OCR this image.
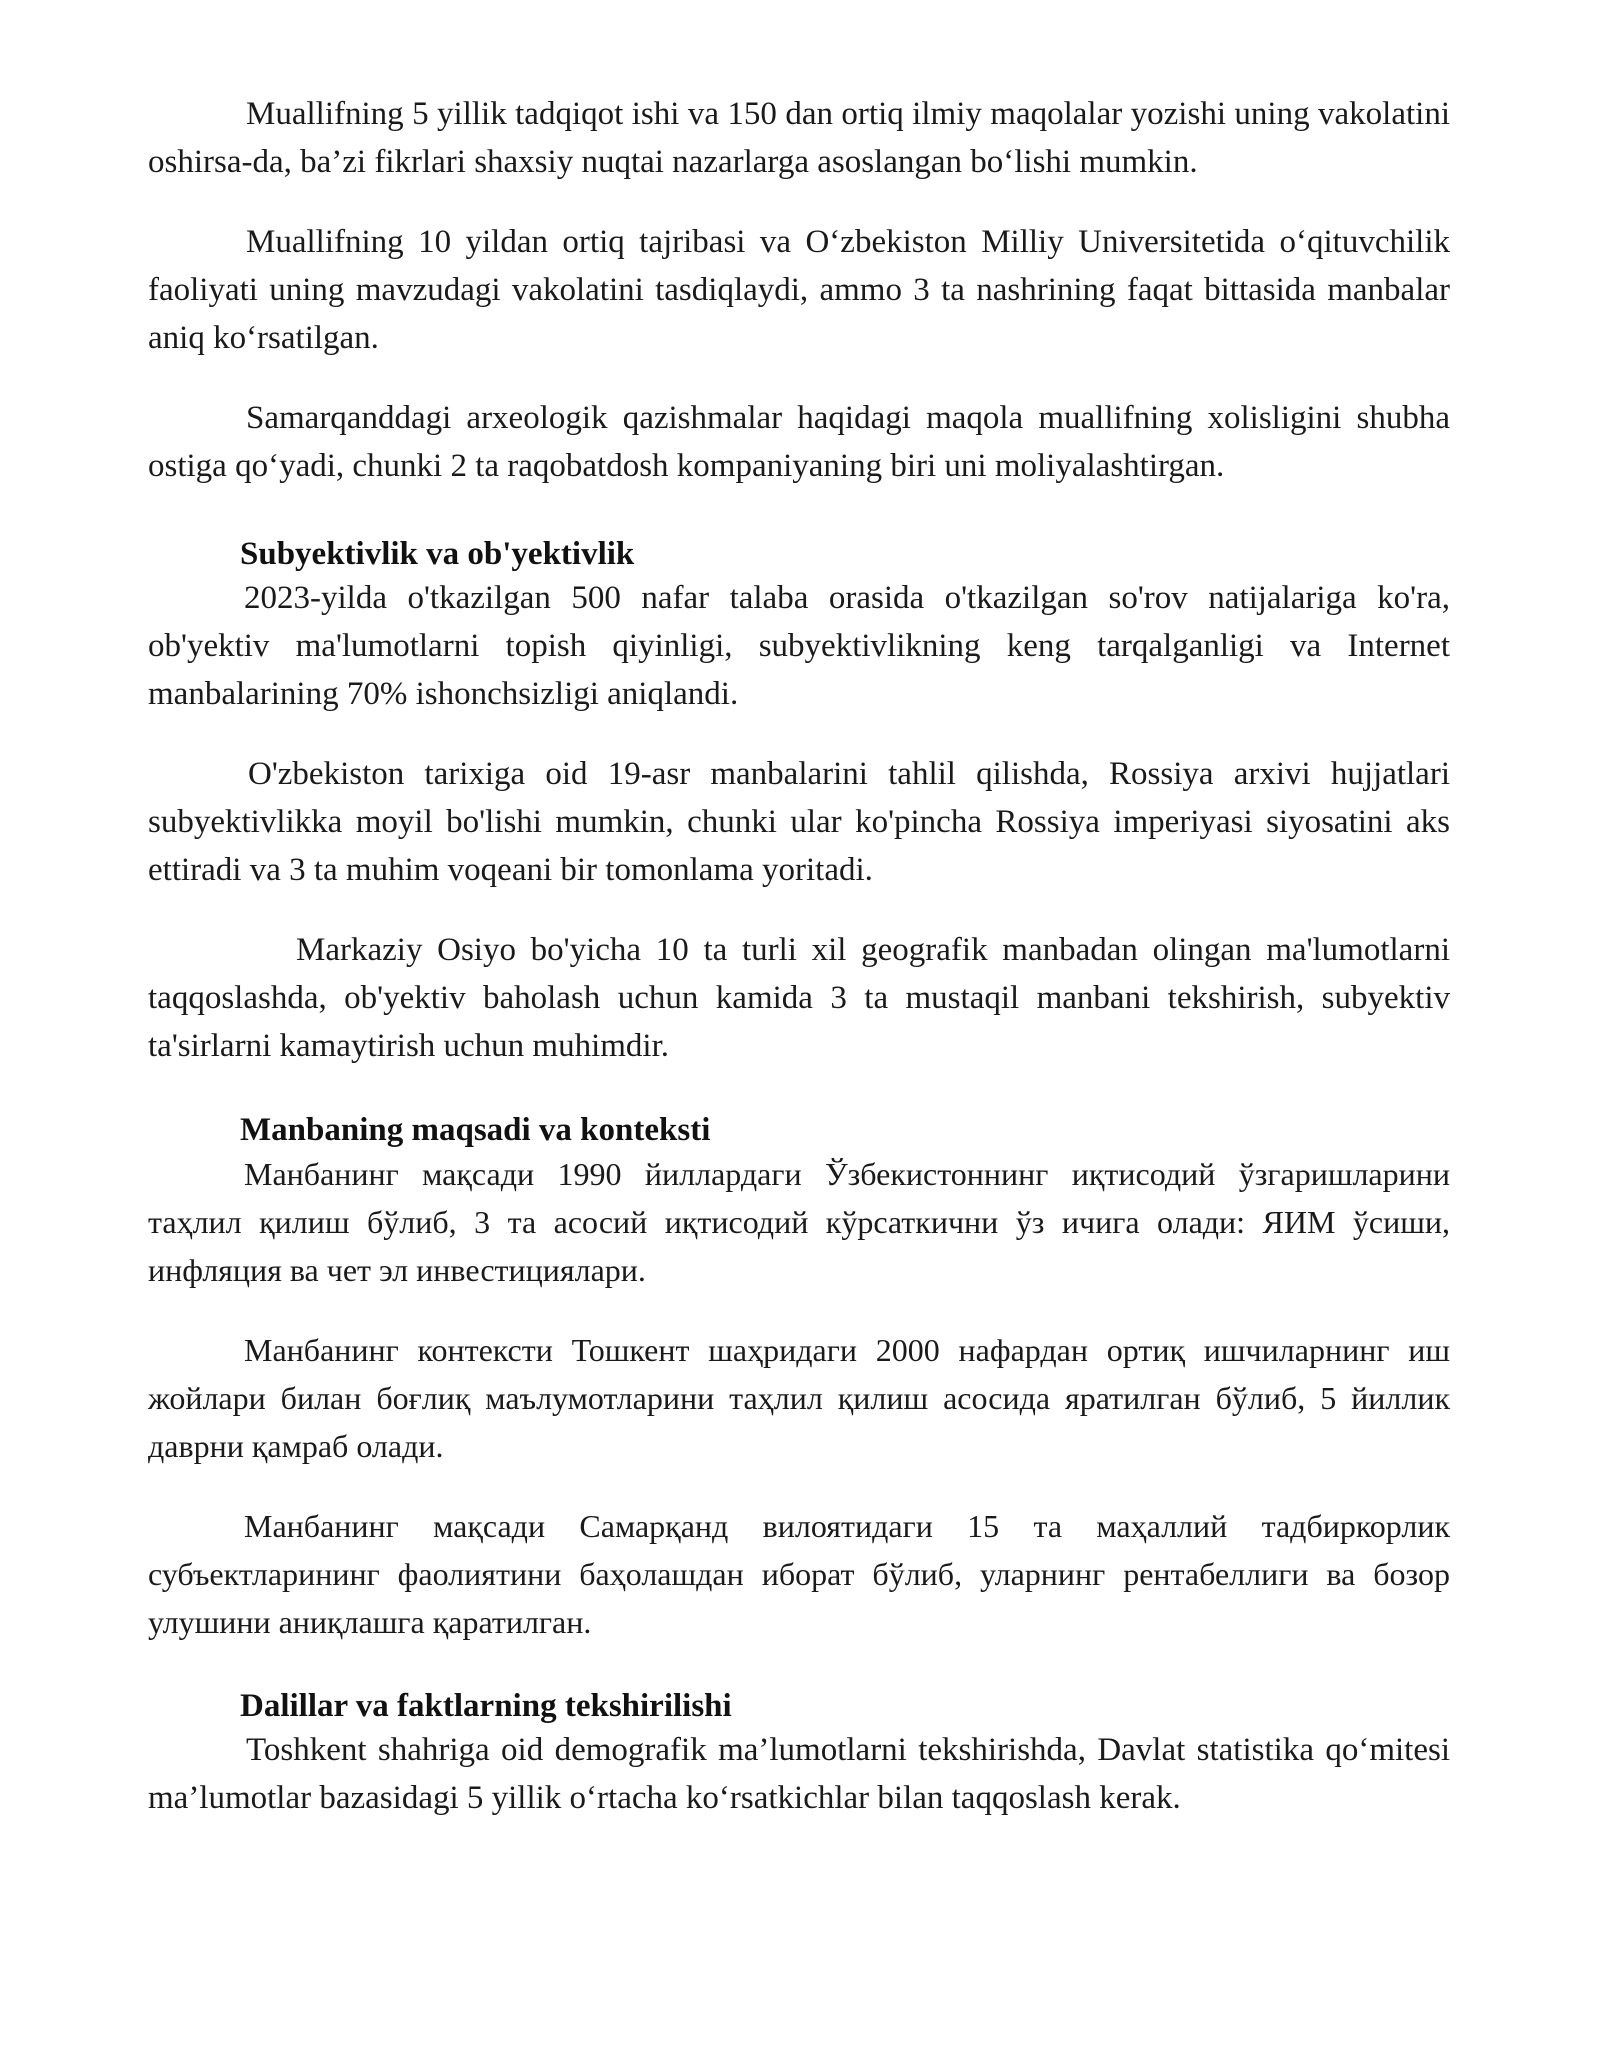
Muallifning 5 yillik tadqiqot ishi va 150 dan ortiq ilmiy maqolalar yozishi uning vakolatini oshirsa-da, ba’zi fikrlari shaxsiy nuqtai nazarlarga asoslangan bo‘lishi mumkin.

Muallifning 10 yildan ortiq tajribasi va O‘zbekiston Milliy Universitetida o‘qituvchilik faoliyati uning mavzudagi vakolatini tasdiqlaydi, ammo 3 ta nashrining faqat bittasida manbalar aniq ko‘rsatilgan.

Samarqanddagi arxeologik qazishmalar haqidagi maqola muallifning xolisligini shubha ostiga qo‘yadi, chunki 2 ta raqobatdosh kompaniyaning biri uni moliyalashtirgan.

Subyektivlik va ob'yektivlik

2023-yilda o'tkazilgan 500 nafar talaba orasida o'tkazilgan so'rov natijalariga ko'ra, ob'yektiv ma'lumotlarni topish qiyinligi, subyektivlikning keng tarqalganligi va Internet manbalarining 70% ishonchsizligi aniqlandi.

O'zbekiston tarixiga oid 19-asr manbalarini tahlil qilishda, Rossiya arxivi hujjatlari subyektivlikka moyil bo'lishi mumkin, chunki ular ko'pincha Rossiya imperiyasi siyosatini aks ettiradi va 3 ta muhim voqeani bir tomonlama yoritadi.

Markaziy Osiyo bo'yicha 10 ta turli xil geografik manbadan olingan ma'lumotlarni taqqoslashda, ob'yektiv baholash uchun kamida 3 ta mustaqil manbani tekshirish, subyektiv ta'sirlarni kamaytirish uchun muhimdir.

Manbaning maqsadi va konteksti

Манбанинг мақсади 1990 йиллардаги Ўзбекистоннинг иқтисодий ўзгаришларини таҳлил қилиш бўлиб, 3 та асосий иқтисодий кўрсаткични ўз ичига олади: ЯИМ ўсиши, инфляция ва чет эл инвестициялари.

Манбанинг контексти Тошкент шаҳридаги 2000 нафардан ортиқ ишчиларнинг иш жойлари билан боғлиқ маълумотларини таҳлил қилиш асосида яратилган бўлиб, 5 йиллик даврни қамраб олади.

Манбанинг мақсади Самарқанд вилоятидаги 15 та маҳаллий тадбиркорлик субъектларининг фаолиятини баҳолашдан иборат бўлиб, уларнинг рентабеллиги ва бозор улушини аниқлашга қаратилган.

Dalillar va faktlarning tekshirilishi

Toshkent shahriga oid demografik ma’lumotlarni tekshirishda, Davlat statistika qo‘mitesi ma’lumotlar bazasidagi 5 yillik o‘rtacha ko‘rsatkichlar bilan taqqoslash kerak.
